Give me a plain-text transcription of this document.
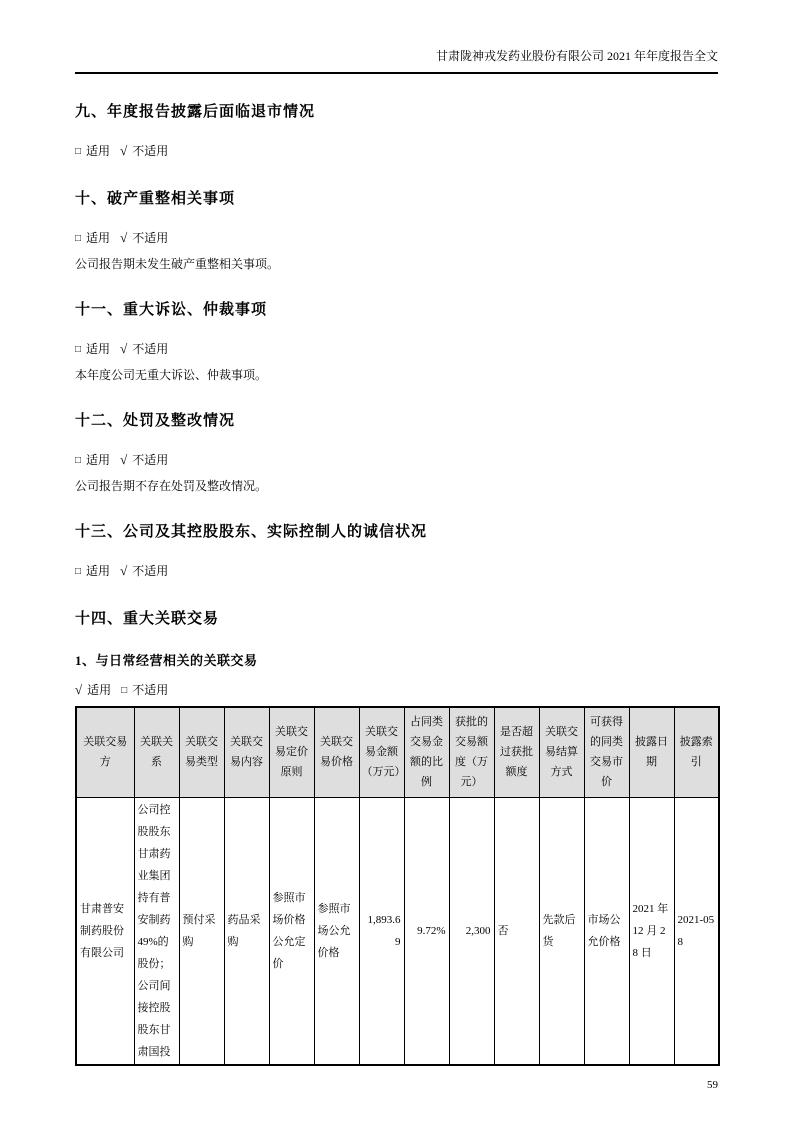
甘肃陇神戎发药业股份有限公司 2021 年年度报告全文
九、年度报告披露后面临退市情况
□ 适用 √ 不适用
十、破产重整相关事项
□ 适用 √ 不适用
公司报告期未发生破产重整相关事项。
十一、重大诉讼、仲裁事项
□ 适用 √ 不适用
本年度公司无重大诉讼、仲裁事项。
十二、处罚及整改情况
□ 适用 √ 不适用
公司报告期不存在处罚及整改情况。
十三、公司及其控股股东、实际控制人的诚信状况
□ 适用 √ 不适用
十四、重大关联交易
1、与日常经营相关的关联交易
√ 适用 □ 不适用
关联交易方	关联关系	关联交易类型	关联交易内容	关联交易定价原则	关联交易价格	关联交易金额（万元）	占同类交易金额的比例	获批的交易额度（万元）	是否超过获批额度	关联交易结算方式	可获得的同类交易市价	披露日期	披露索引
甘肃普安制药股份有限公司	公司控股股东甘肃药业集团持有普安制药49%的股份；公司间接控股股东甘肃国投	预付采购	药品采购	参照市场价格公允定价	参照市场公允价格	1,893.69	9.72%	2,300	否	先款后货	市场公允价格	2021 年 12 月 28 日	2021-058
59
